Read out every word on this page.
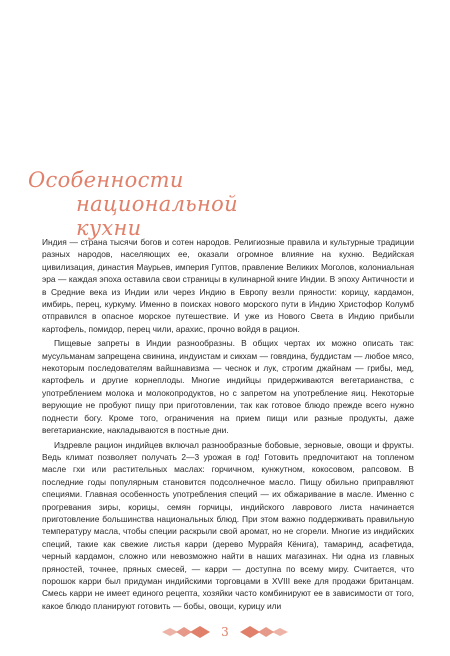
Особенности
национальной кухни

Индия — страна тысячи богов и сотен народов. Религиозные правила и культурные традиции разных народов, населяющих ее, оказали огромное влияние на кухню. Ведийская цивилизация, династия Маурьев, империя Гуптов, правление Великих Моголов, колониальная эра — каждая эпоха оставила свои страницы в кулинарной книге Индии. В эпоху Античности и в Средние века из Индии или через Индию в Европу везли пряности: корицу, кардамон, имбирь, перец, куркуму. Именно в поисках нового морского пути в Индию Христофор Колумб отправился в опасное морское путешествие. И уже из Нового Света в Индию прибыли картофель, помидор, перец чили, арахис, прочно войдя в рацион.

Пищевые запреты в Индии разнообразны. В общих чертах их можно описать так: мусульманам запрещена свинина, индуистам и сикхам — говядина, буддистам — любое мясо, некоторым последователям вайшнавизма — чеснок и лук, строгим джайнам — грибы, мед, картофель и другие корнеплоды. Многие индийцы придерживаются вегетарианства, с употреблением молока и молокопродуктов, но с запретом на употребление яиц. Некоторые верующие не пробуют пищу при приготовлении, так как готовое блюдо прежде всего нужно поднести богу. Кроме того, ограничения на прием пищи или разные продукты, даже вегетарианские, накладываются в постные дни.

Издревле рацион индийцев включал разнообразные бобовые, зерновые, овощи и фрукты. Ведь климат позволяет получать 2—3 урожая в год! Готовить предпочитают на топленом масле гхи или растительных маслах: горчичном, кунжутном, кокосовом, рапсовом. В последние годы популярным становится подсолнечное масло. Пищу обильно приправляют специями. Главная особенность употребления специй — их обжаривание в масле. Именно с прогревания зиры, корицы, семян горчицы, индийского лаврового листа начинается приготовление большинства национальных блюд. При этом важно поддерживать правильную температуру масла, чтобы специи раскрыли свой аромат, но не сгорели. Многие из индийских специй, такие как свежие листья карри (дерево Муррайя Кёнига), тамаринд, асафетида, черный кардамон, сложно или невозможно найти в наших магазинах. Ни одна из главных пряностей, точнее, пряных смесей, — карри — доступна по всему миру. Считается, что порошок карри был придуман индийскими торговцами в XVIII веке для продажи британцам. Смесь карри не имеет единого рецепта, хозяйки часто комбинируют ее в зависимости от того, какое блюдо планируют готовить — бобы, овощи, курицу или

3
